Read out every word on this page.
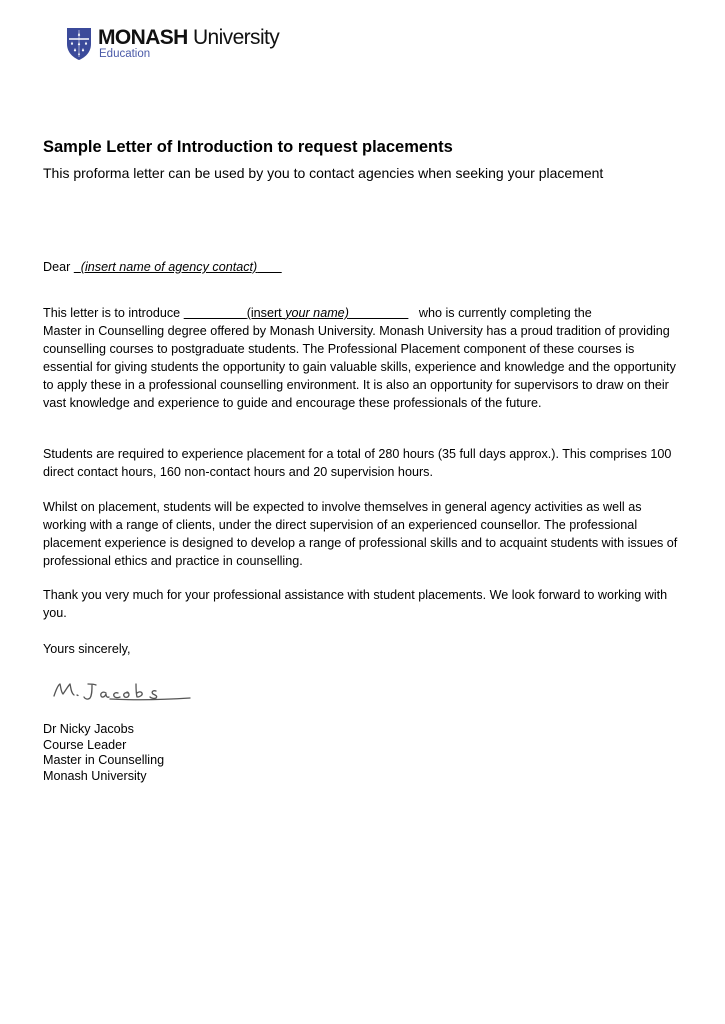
MONASH University
Education
Sample Letter of Introduction to request placements
This proforma letter can be used by you to contact agencies when seeking your placement

Dear   (insert name of agency contact)

This letter is to introduce	(insert your name)	who is currently completing the
Master in Counselling degree offered by Monash University. Monash University has a proud tradition of providing counselling courses to postgraduate students. The Professional Placement component of these courses is essential for giving students the opportunity to gain valuable skills, experience and knowledge and the opportunity to apply these in a professional counselling environment. It is also an opportunity for supervisors to draw on their vast knowledge and experience to guide and encourage these professionals of the future.

Students are required to experience placement for a total of 280 hours (35 full days approx.). This comprises 100 direct contact hours, 160 non-contact hours and 20 supervision hours.

Whilst on placement, students will be expected to involve themselves in general agency activities as well as working with a range of clients, under the direct supervision of an experienced counsellor. The professional placement experience is designed to develop a range of professional skills and to acquaint students with issues of professional ethics and practice in counselling.

Thank you very much for your professional assistance with student placements. We look forward to working with you.

Yours sincerely,

Dr Nicky Jacobs
Course Leader
Master in Counselling
Monash University
